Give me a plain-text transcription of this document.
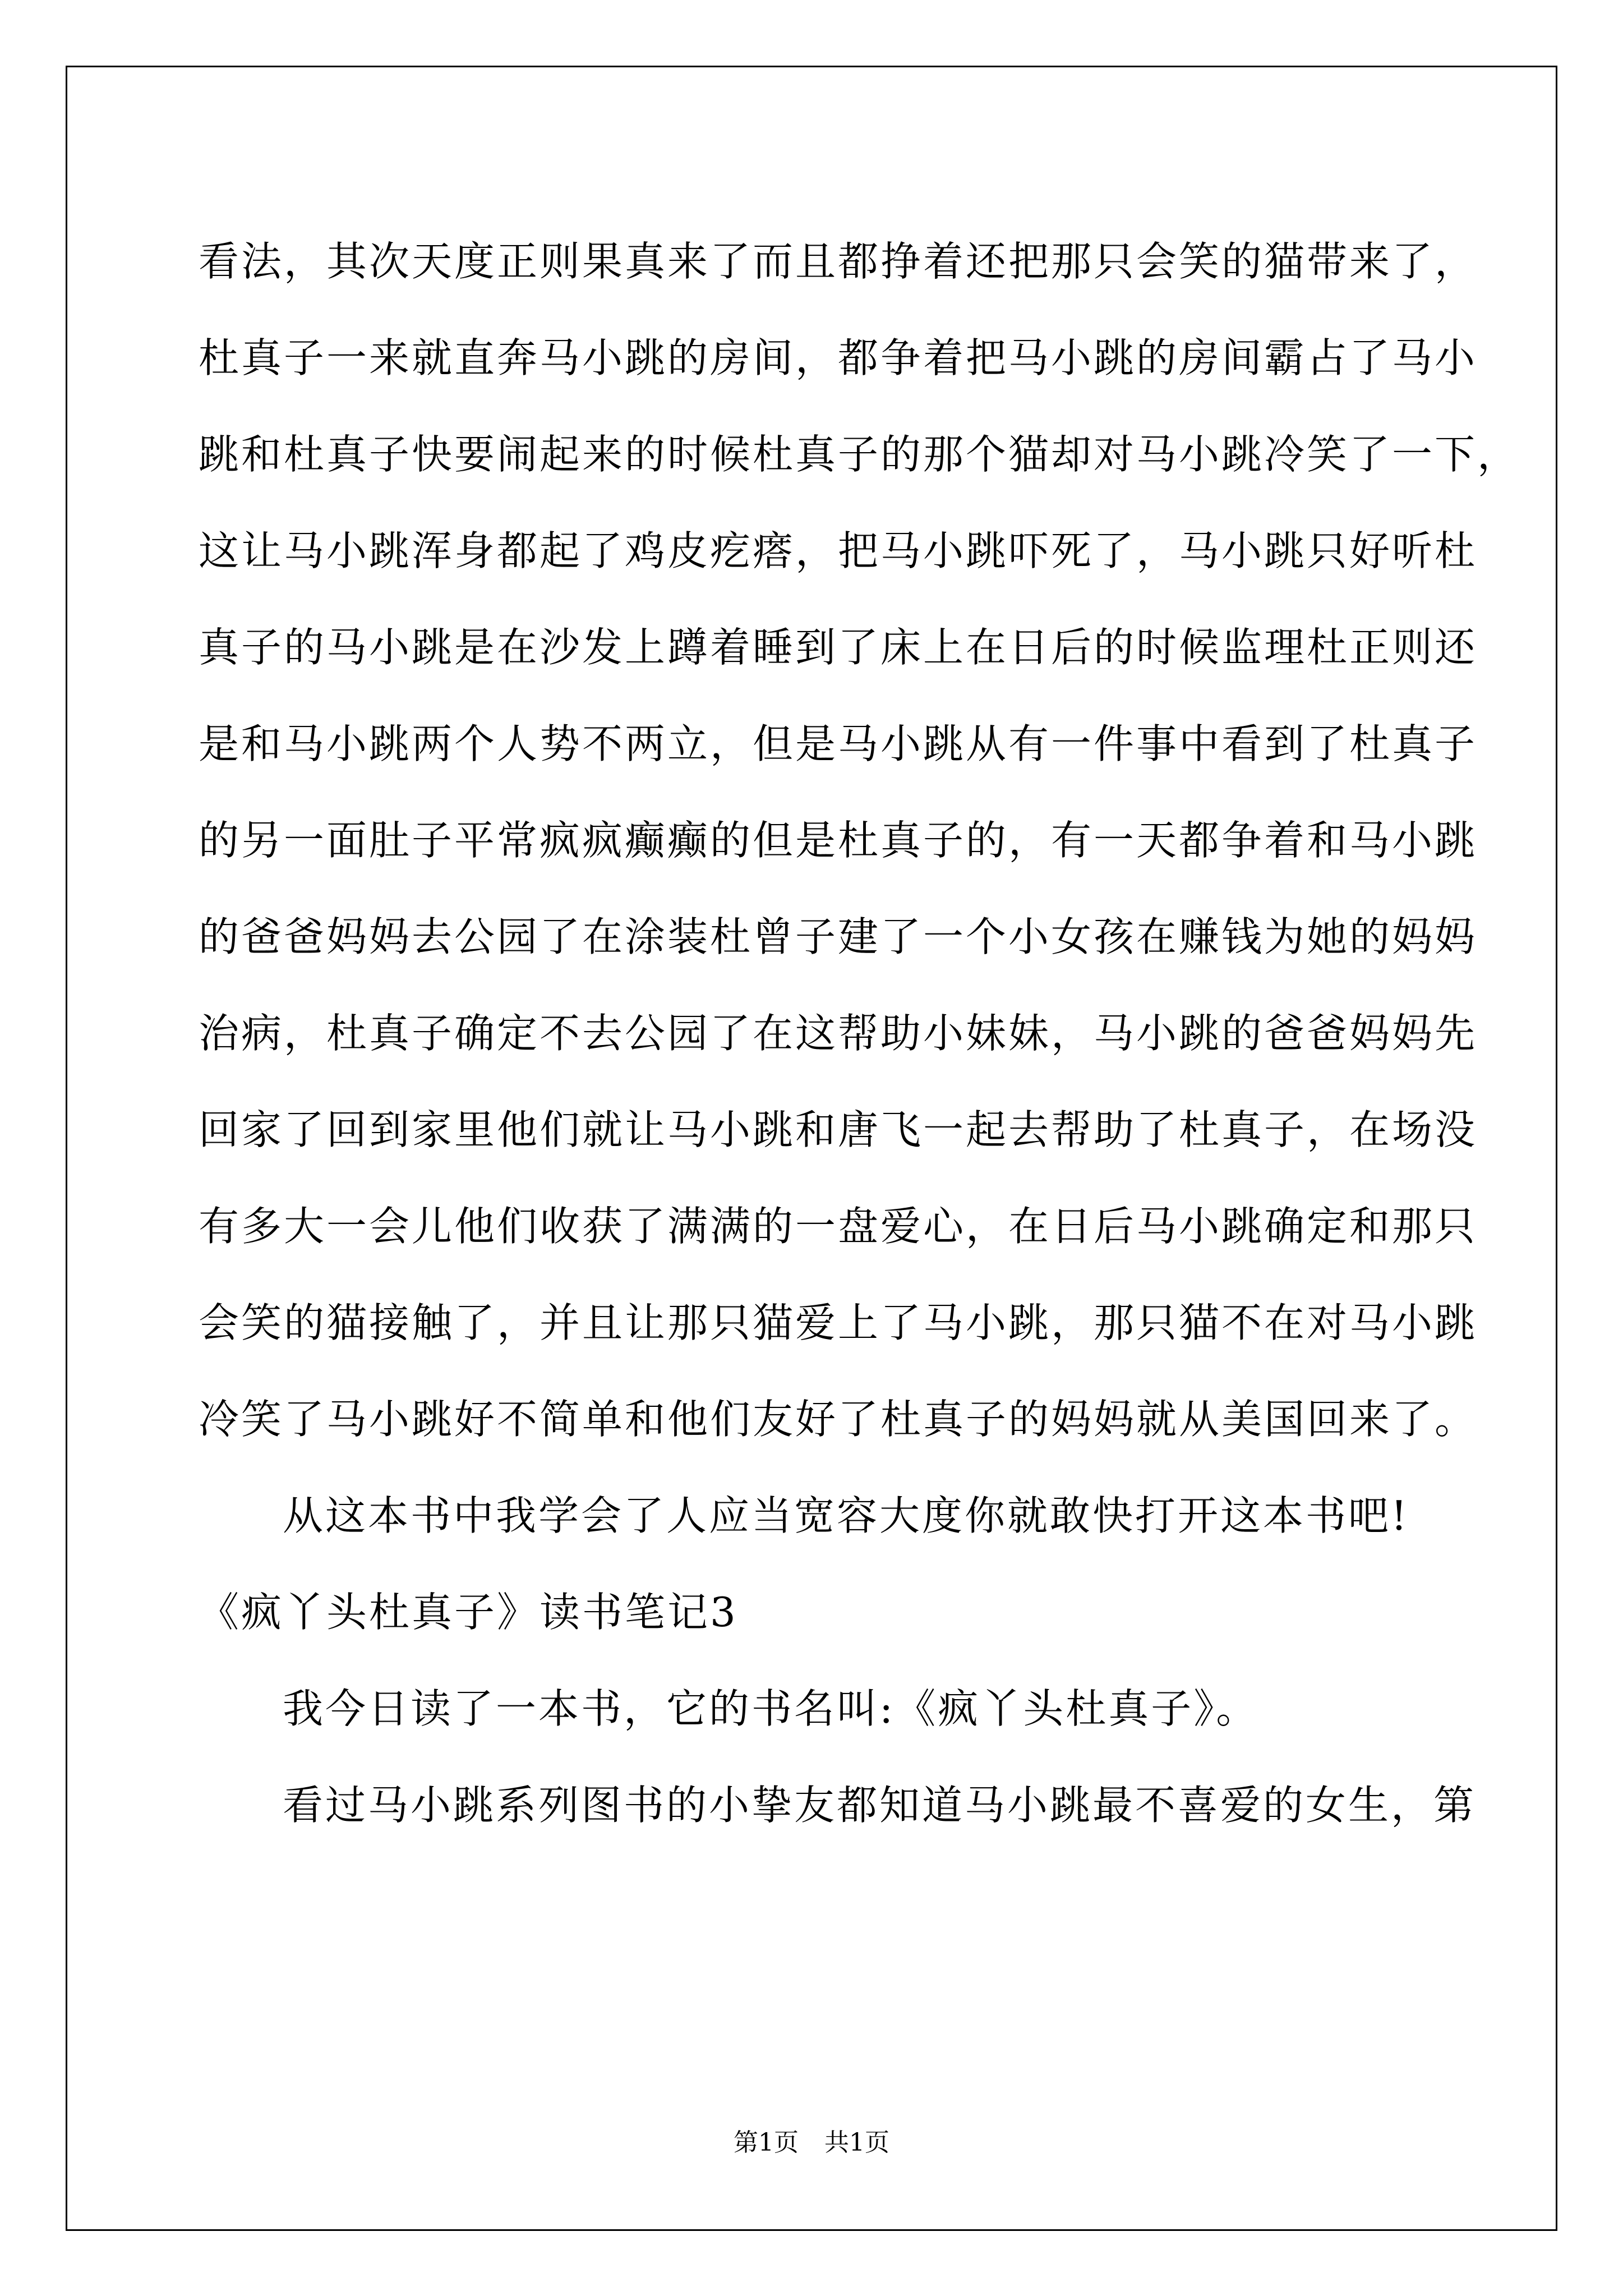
看法，其次天度正则果真来了而且都挣着还把那只会笑的猫带来了，
杜真子一来就直奔马小跳的房间，都争着把马小跳的房间霸占了马小
跳和杜真子快要闹起来的时候杜真子的那个猫却对马小跳冷笑了一下，
这让马小跳浑身都起了鸡皮疙瘩，把马小跳吓死了，马小跳只好听杜
真子的马小跳是在沙发上蹲着睡到了床上在日后的时候监理杜正则还
是和马小跳两个人势不两立，但是马小跳从有一件事中看到了杜真子
的另一面肚子平常疯疯癫癫的但是杜真子的，有一天都争着和马小跳
的爸爸妈妈去公园了在涂装杜曾子建了一个小女孩在赚钱为她的妈妈
治病，杜真子确定不去公园了在这帮助小妹妹，马小跳的爸爸妈妈先
回家了回到家里他们就让马小跳和唐飞一起去帮助了杜真子，在场没
有多大一会儿他们收获了满满的一盘爱心，在日后马小跳确定和那只
会笑的猫接触了，并且让那只猫爱上了马小跳，那只猫不在对马小跳
冷笑了马小跳好不简单和他们友好了杜真子的妈妈就从美国回来了。
从这本书中我学会了人应当宽容大度你就敢快打开这本书吧!
《疯丫头杜真子》读书笔记3
我今日读了一本书，它的书名叫:《疯丫头杜真子》。
看过马小跳系列图书的小挚友都知道马小跳最不喜爱的女生，第
第1页 共1页
